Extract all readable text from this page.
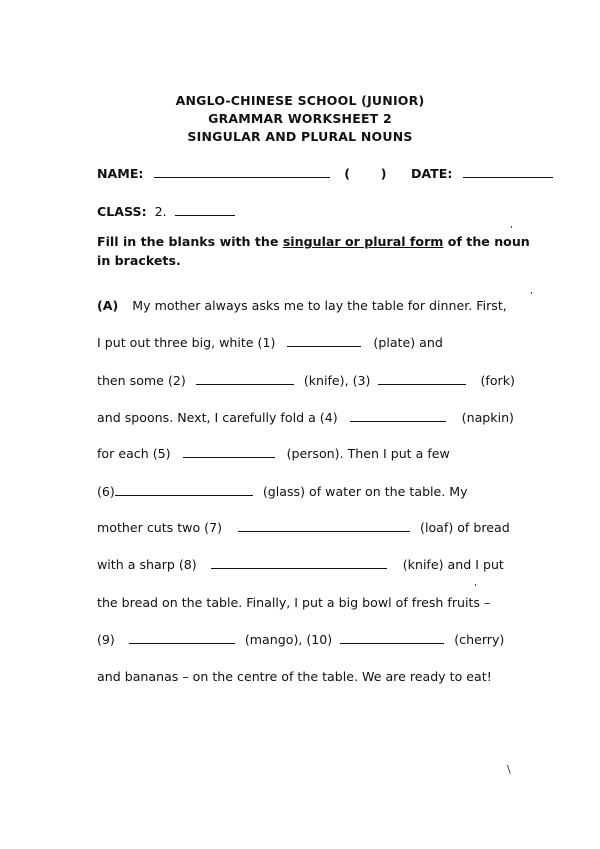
ANGLO-CHINESE SCHOOL (JUNIOR)
GRAMMAR WORKSHEET 2
SINGULAR AND PLURAL NOUNS
NAME:	( ) DATE:
CLASS: 2.
Fill in the blanks with the singular or plural form of the noun
in brackets.
(A) My mother always asks me to lay the table for dinner. First,
I put out three big, white (1)	(plate) and
then some (2)	(knife), (3)	(fork)
and spoons. Next, I carefully fold a (4)	(napkin)
for each (5)	(person). Then I put a few
(6)	(glass) of water on the table. My
mother cuts two (7)	(loaf) of bread
with a sharp (8)	(knife) and I put
the bread on the table. Finally, I put a big bowl of fresh fruits –
(9)	(mango), (10)	(cherry)
and bananas – on the centre of the table. We are ready to eat!
\
